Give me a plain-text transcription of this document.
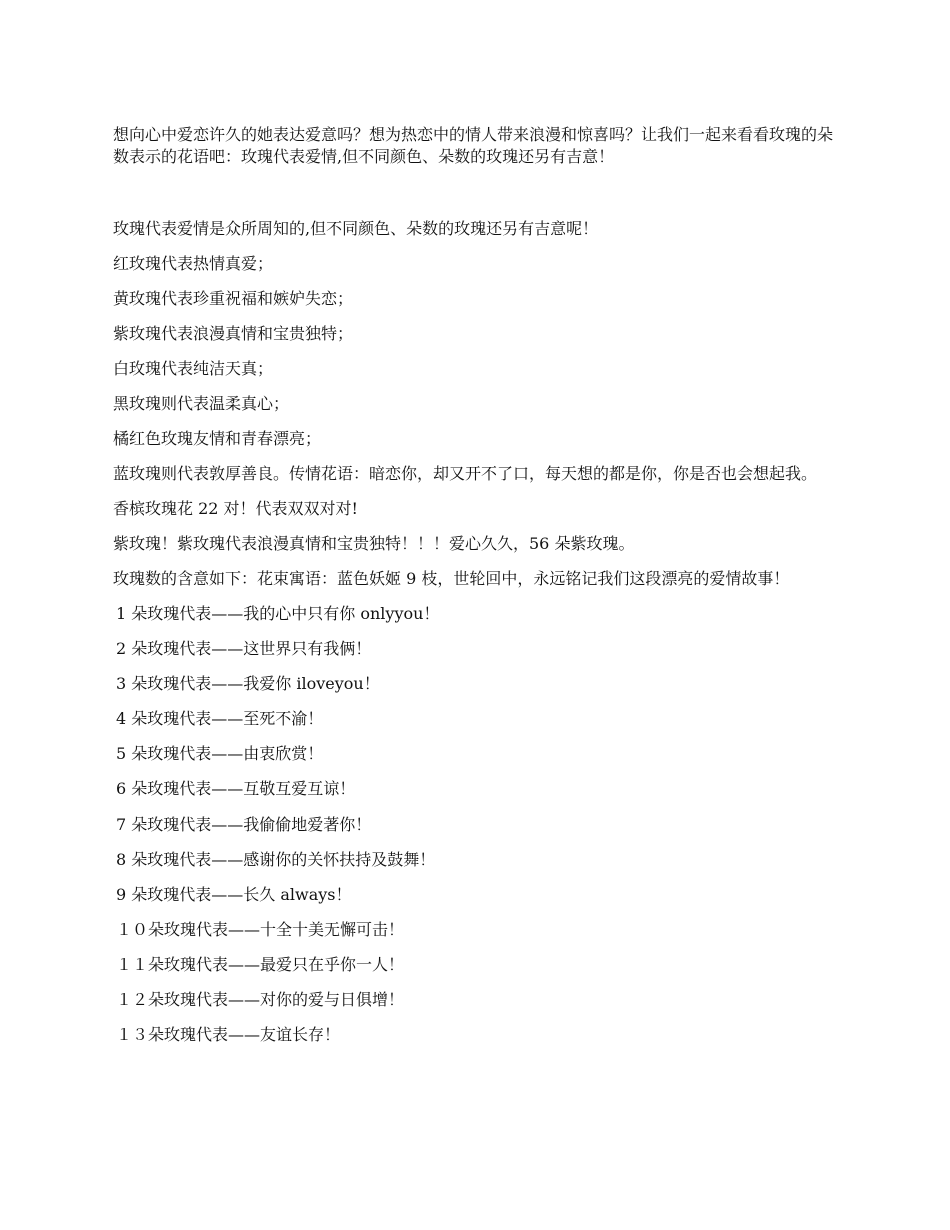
想向心中爱恋许久的她表达爱意吗？想为热恋中的情人带来浪漫和惊喜吗？让我们一起来看看玫瑰的朵数表示的花语吧：玫瑰代表爱情,但不同颜色、朵数的玫瑰还另有吉意！

玫瑰代表爱情是众所周知的,但不同颜色、朵数的玫瑰还另有吉意呢！

红玫瑰代表热情真爱；

黄玫瑰代表珍重祝福和嫉妒失恋；

紫玫瑰代表浪漫真情和宝贵独特；

白玫瑰代表纯洁天真；

黑玫瑰则代表温柔真心；

橘红色玫瑰友情和青春漂亮；

蓝玫瑰则代表敦厚善良。传情花语：暗恋你，却又开不了口，每天想的都是你，你是否也会想起我。

香槟玫瑰花 22 对！代表双双对对!

紫玫瑰！紫玫瑰代表浪漫真情和宝贵独特！！！爱心久久，56 朵紫玫瑰。

玫瑰数的含意如下：花束寓语：蓝色妖姬 9 枝，世轮回中，永远铭记我们这段漂亮的爱情故事！

1 朵玫瑰代表——我的心中只有你 onlyyou！

2 朵玫瑰代表——这世界只有我俩！

3 朵玫瑰代表——我爱你 iloveyou！

4 朵玫瑰代表——至死不渝！

5 朵玫瑰代表——由衷欣赏！

6 朵玫瑰代表——互敬互爱互谅！

7 朵玫瑰代表——我偷偷地爱著你！

8 朵玫瑰代表——感谢你的关怀扶持及鼓舞！

9 朵玫瑰代表——长久 always！

１０朵玫瑰代表——十全十美无懈可击！

１１朵玫瑰代表——最爱只在乎你一人！

１２朵玫瑰代表——对你的爱与日俱增！

１３朵玫瑰代表——友谊长存！
